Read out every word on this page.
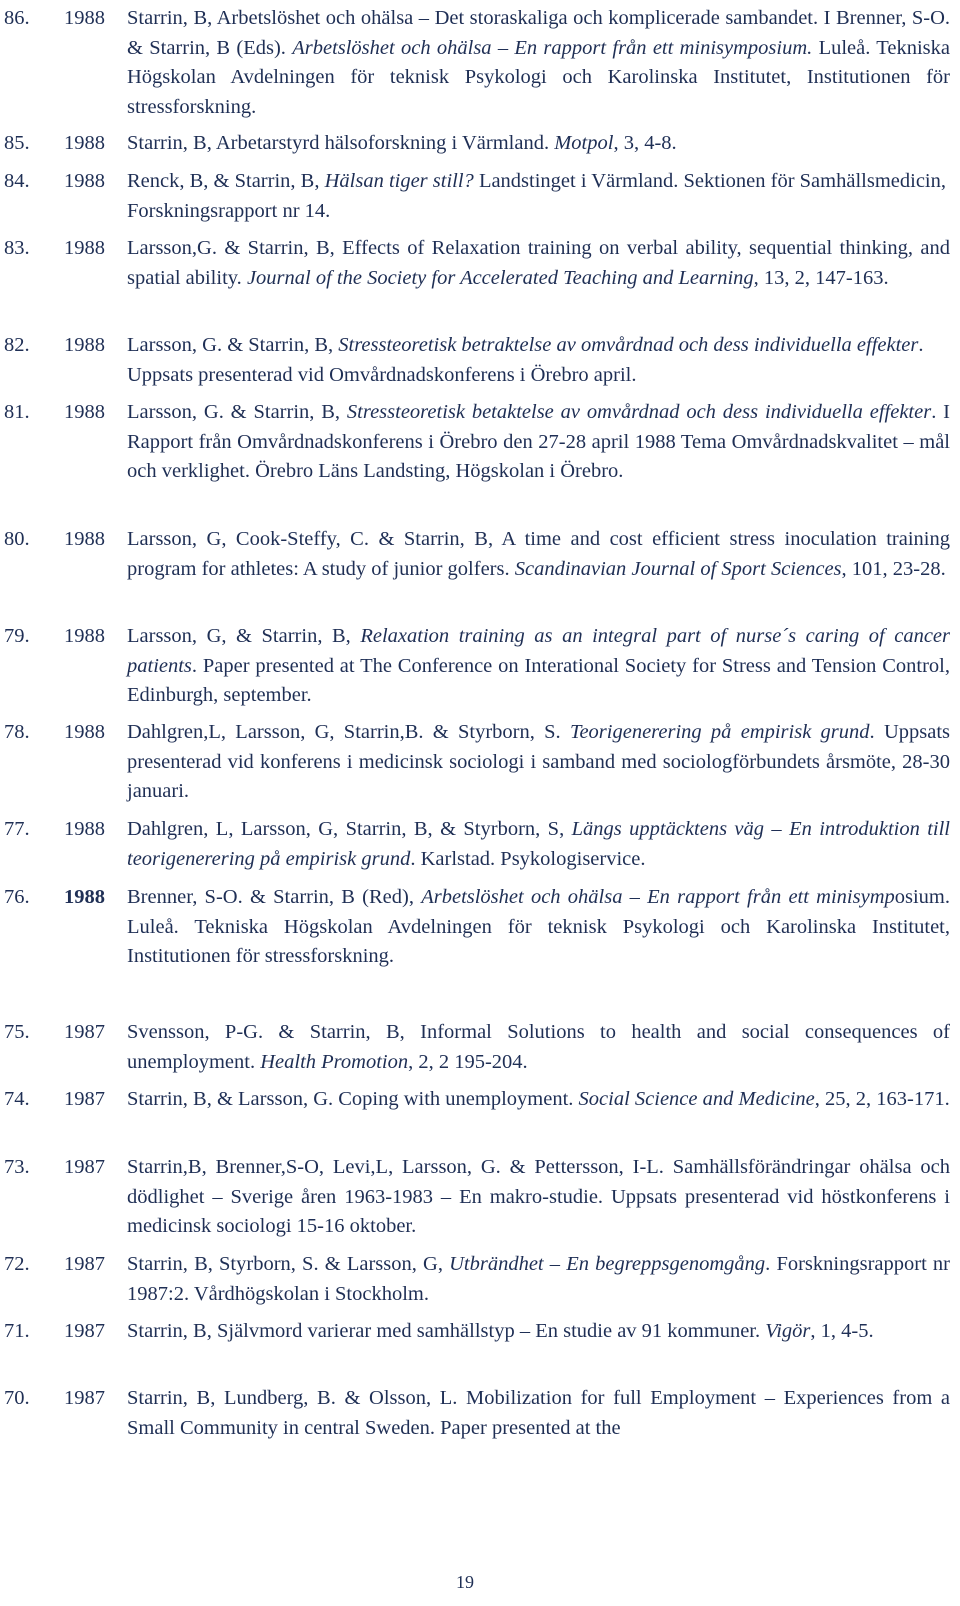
86. 1988 Starrin, B, Arbetslöshet och ohälsa – Det storaskaliga och komplicerade sambandet. I Brenner, S-O. & Starrin, B (Eds). Arbetslöshet och ohälsa – En rapport från ett minisymposium. Luleå. Tekniska Högskolan Avdelningen för teknisk Psykologi och Karolinska Institutet, Institutionen för stressforskning.
85. 1988 Starrin, B, Arbetarstyrd hälsoforskning i Värmland. Motpol, 3, 4-8.
84. 1988 Renck, B, & Starrin, B, Hälsan tiger still? Landstinget i Värmland. Sektionen för Samhällsmedicin, Forskningsrapport nr 14.
83. 1988 Larsson,G. & Starrin, B, Effects of Relaxation training on verbal ability, sequential thinking, and spatial ability. Journal of the Society for Accelerated Teaching and Learning, 13, 2, 147-163.
82. 1988 Larsson, G. & Starrin, B, Stressteoretisk betraktelse av omvårdnad och dess individuella effekter. Uppsats presenterad vid Omvårdnadskonferens i Örebro april.
81. 1988 Larsson, G. & Starrin, B, Stressteoretisk betaktelse av omvårdnad och dess individuella effekter. I Rapport från Omvårdnadskonferens i Örebro den 27-28 april 1988 Tema Omvårdnadskvalitet – mål och verklighet. Örebro Läns Landsting, Högskolan i Örebro.
80. 1988 Larsson, G, Cook-Steffy, C. & Starrin, B, A time and cost efficient stress inoculation training program for athletes: A study of junior golfers. Scandinavian Journal of Sport Sciences, 101, 23-28.
79. 1988 Larsson, G, & Starrin, B, Relaxation training as an integral part of nurse´s caring of cancer patients. Paper presented at The Conference on Interational Society for Stress and Tension Control, Edinburgh, september.
78. 1988 Dahlgren,L, Larsson, G, Starrin,B. & Styrborn, S. Teorigenerering på empirisk grund. Uppsats presenterad vid konferens i medicinsk sociologi i samband med sociologförbundets årsmöte, 28-30 januari.
77. 1988 Dahlgren, L, Larsson, G, Starrin, B, & Styrborn, S, Längs upptäcktens väg – En introduktion till teorigenerering på empirisk grund. Karlstad. Psykologiservice.
76. 1988 Brenner, S-O. & Starrin, B (Red), Arbetslöshet och ohälsa – En rapport från ett minisymposium. Luleå. Tekniska Högskolan Avdelningen för teknisk Psykologi och Karolinska Institutet, Institutionen för stressforskning.
75. 1987 Svensson, P-G. & Starrin, B, Informal Solutions to health and social consequences of unemployment. Health Promotion, 2, 2 195-204.
74. 1987 Starrin, B, & Larsson, G. Coping with unemployment. Social Science and Medicine, 25, 2, 163-171.
73. 1987 Starrin,B, Brenner,S-O, Levi,L, Larsson, G. & Pettersson, I-L. Samhällsförändringar ohälsa och dödlighet – Sverige åren 1963-1983 – En makro-studie. Uppsats presenterad vid höstkonferens i medicinsk sociologi 15-16 oktober.
72. 1987 Starrin, B, Styrborn, S. & Larsson, G, Utbrändhet – En begreppsgenomgång. Forskningsrapport nr 1987:2. Vårdhögskolan i Stockholm.
71. 1987 Starrin, B, Självmord varierar med samhällstyp – En studie av 91 kommuner. Vigör, 1, 4-5.
70. 1987 Starrin, B, Lundberg, B. & Olsson, L. Mobilization for full Employment – Experiences from a Small Community in central Sweden. Paper presented at the
19
